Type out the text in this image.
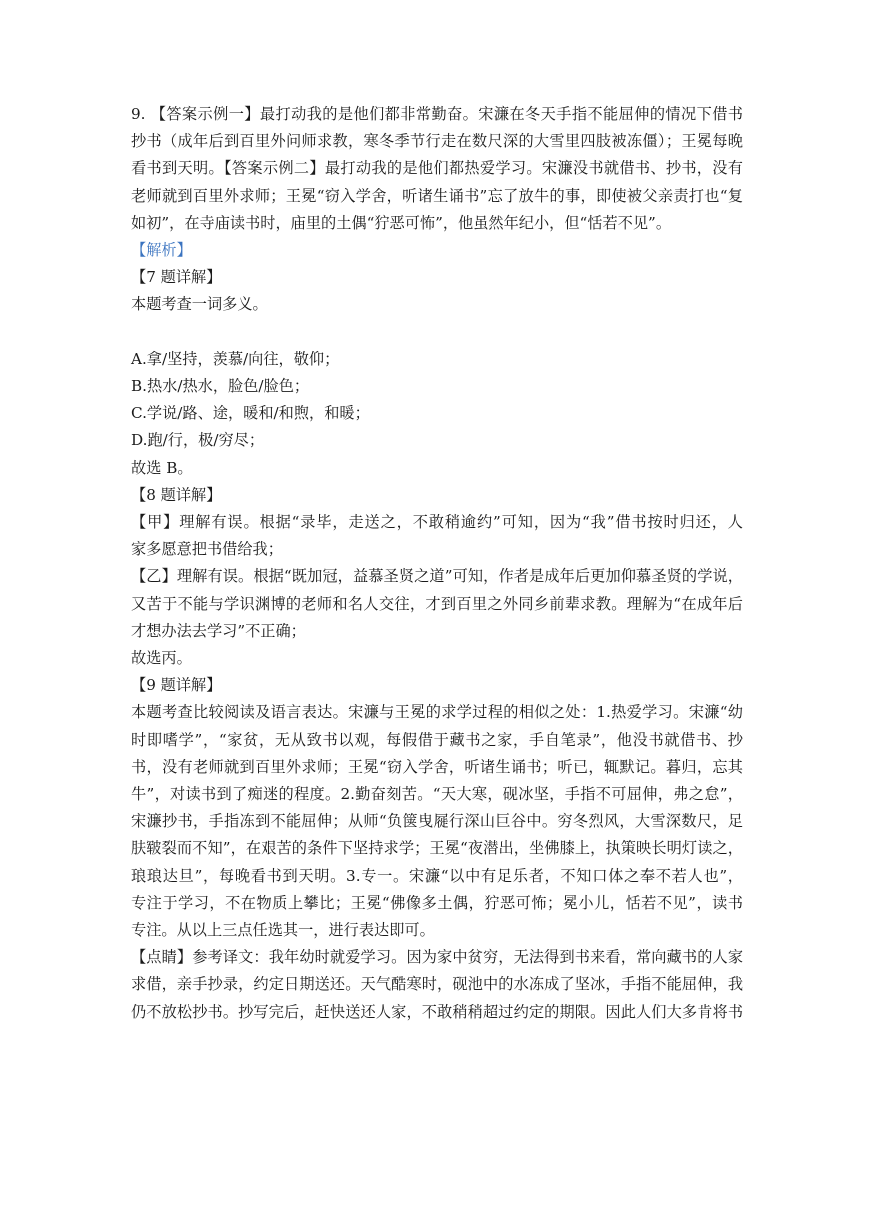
9. 【答案示例一】最打动我的是他们都非常勤奋。宋濂在冬天手指不能屈伸的情况下借书
抄书（成年后到百里外问师求教，寒冬季节行走在数尺深的大雪里四肢被冻僵）；王冕每晚
看书到天明。【答案示例二】最打动我的是他们都热爱学习。宋濂没书就借书、抄书，没有
老师就到百里外求师；王冕“窃入学舍，听诸生诵书”忘了放牛的事，即使被父亲责打也“复
如初”，在寺庙读书时，庙里的土偶“狞恶可怖”，他虽然年纪小，但“恬若不见”。
【解析】
【7 题详解】
本题考查一词多义。
A.拿/坚持，羡慕/向往，敬仰；
B.热水/热水，脸色/脸色；
C.学说/路、途，暖和/和煦，和暖；
D.跑/行，极/穷尽；
故选 B。
【8 题详解】
【甲】理解有误。根据“录毕，走送之，不敢稍逾约”可知，因为“我”借书按时归还，人
家多愿意把书借给我；
【乙】理解有误。根据“既加冠，益慕圣贤之道”可知，作者是成年后更加仰慕圣贤的学说，
又苦于不能与学识渊博的老师和名人交往，才到百里之外同乡前辈求教。理解为“在成年后
才想办法去学习”不正确；
故选丙。
【9 题详解】
本题考查比较阅读及语言表达。宋濂与王冕的求学过程的相似之处：1.热爱学习。宋濂“幼
时即嗜学”，“家贫，无从致书以观，每假借于藏书之家，手自笔录”，他没书就借书、抄
书，没有老师就到百里外求师；王冕“窃入学舍，听诸生诵书；听已，辄默记。暮归，忘其
牛”，对读书到了痴迷的程度。2.勤奋刻苦。“天大寒，砚冰坚，手指不可屈伸，弗之怠”，
宋濂抄书，手指冻到不能屈伸；从师“负箧曳屣行深山巨谷中。穷冬烈风，大雪深数尺，足
肤皲裂而不知”，在艰苦的条件下坚持求学；王冕“夜潜出，坐佛膝上，执策映长明灯读之，
琅琅达旦”，每晚看书到天明。3.专一。宋濂“以中有足乐者，不知口体之奉不若人也”，
专注于学习，不在物质上攀比；王冕“佛像多土偶，狞恶可怖；冕小儿，恬若不见”，读书
专注。从以上三点任选其一，进行表达即可。
【点睛】参考译文：我年幼时就爱学习。因为家中贫穷，无法得到书来看，常向藏书的人家
求借，亲手抄录，约定日期送还。天气酷寒时，砚池中的水冻成了坚冰，手指不能屈伸，我
仍不放松抄书。抄写完后，赶快送还人家，不敢稍稍超过约定的期限。因此人们大多肯将书
